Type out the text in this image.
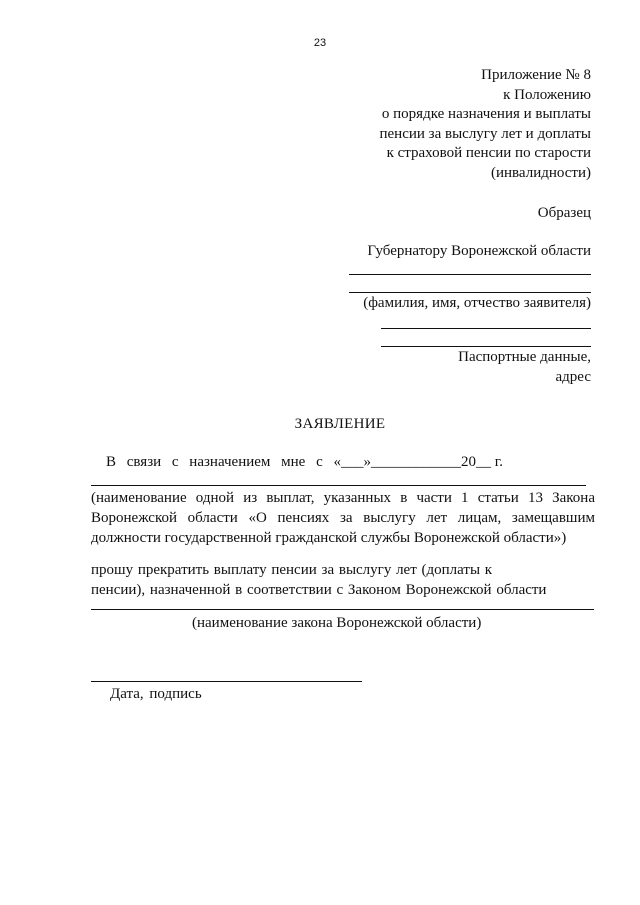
23
Приложение № 8
к Положению
о порядке назначения и выплаты
пенсии за выслугу лет и доплаты
к страховой пенсии по старости
(инвалидности)
Образец
Губернатору Воронежской области
(фамилия, имя, отчество заявителя)
Паспортные данные,
адрес
ЗАЯВЛЕНИЕ
В связи с назначением мне с «___»____________20__ г.
(наименование одной из выплат, указанных в части 1 статьи 13 Закона
Воронежской области «О пенсиях за выслугу лет лицам, замещавшим
должности государственной гражданской службы Воронежской области»)
прошу прекратить выплату пенсии за выслугу лет (доплаты к
пенсии), назначенной в соответствии с Законом Воронежской области
(наименование закона Воронежской области)
Дата, подпись
